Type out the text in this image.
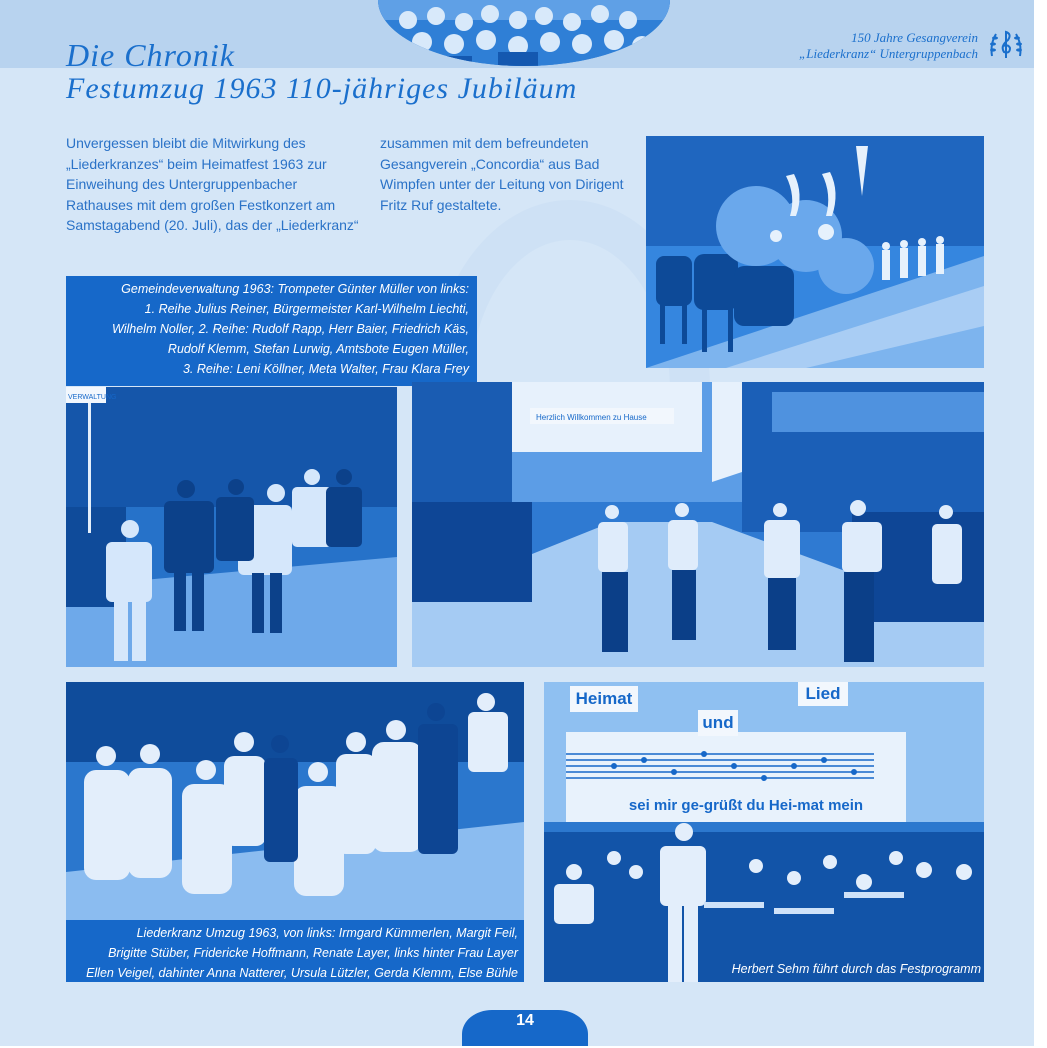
Die Chronik
Festumzug 1963 110-jähriges Jubiläum
150 Jahre Gesangverein
„Liederkranz“ Untergruppenbach
Unvergessen bleibt die Mitwirkung des „Liederkranzes“ beim Heimatfest 1963 zur Einweihung des Untergruppenbacher Rathauses mit dem großen Festkonzert am Samstagabend (20. Juli), das der „Liederkranz“
zusammen mit dem befreundeten Gesangverein „Concordia“ aus Bad Wimpfen unter der Leitung von Dirigent Fritz Ruf gestaltete.
Gemeindeverwaltung 1963: Trompeter Günter Müller von links:
1. Reihe Julius Reiner, Bürgermeister Karl-Wilhelm Liechti,
Wilhelm Noller, 2. Reihe: Rudolf Rapp, Herr Baier, Friedrich Käs,
Rudolf Klemm, Stefan Lurwig, Amtsbote Eugen Müller,
3. Reihe: Leni Köllner, Meta Walter, Frau Klara Frey
VERWALTUNG
Herzlich Willkommen zu Hause
Liederkranz Umzug 1963, von links: Irmgard Kümmerlen, Margit Feil,
Brigitte Stüber, Fridericke Hoffmann, Renate Layer, links hinter Frau Layer
Ellen Veigel, dahinter Anna Natterer, Ursula Lützler, Gerda Klemm, Else Bühle
Heimat
und
Lied
sei mir ge-grüßt du Hei-mat mein
Herbert Sehm führt durch das Festprogramm
14
